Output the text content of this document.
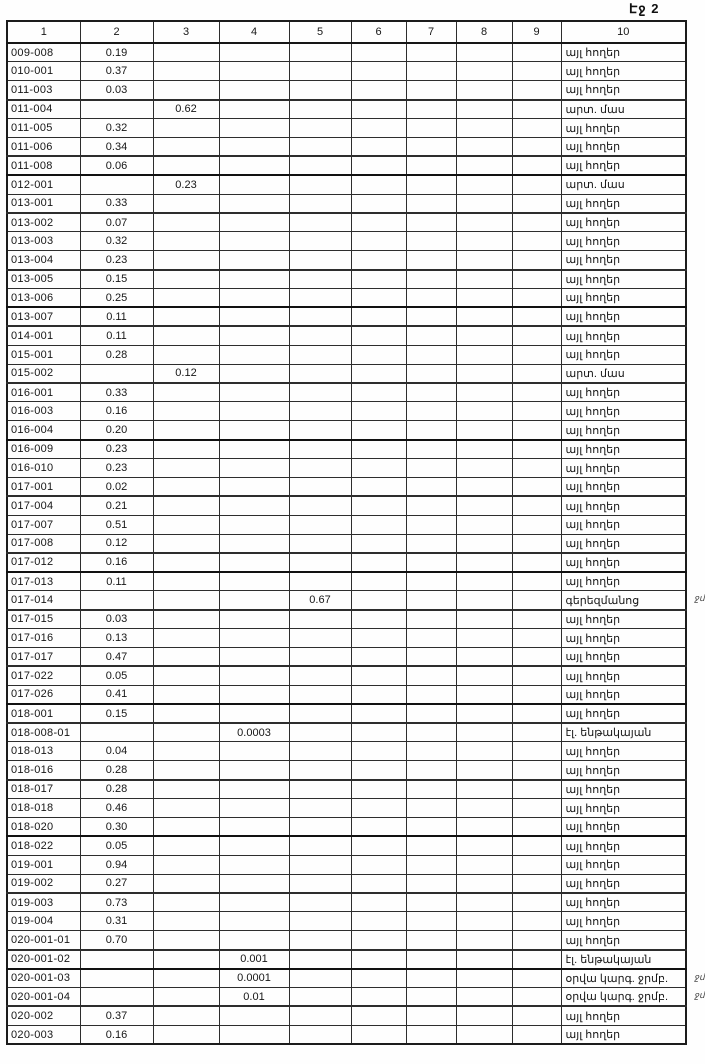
Էջ 2
1	2	3	4	5	6	7	8	9	10
009-008	0.19								այլ հողեր
010-001	0.37								այլ հողեր
011-003	0.03								այլ հողեր
011-004		0.62							արտ. մաս
011-005	0.32								այլ հողեր
011-006	0.34								այլ հողեր
011-008	0.06								այլ հողեր
012-001		0.23							արտ. մաս
013-001	0.33								այլ հողեր
013-002	0.07								այլ հողեր
013-003	0.32								այլ հողեր
013-004	0.23								այլ հողեր
013-005	0.15								այլ հողեր
013-006	0.25								այլ հողեր
013-007	0.11								այլ հողեր
014-001	0.11								այլ հողեր
015-001	0.28								այլ հողեր
015-002		0.12							արտ. մաս
016-001	0.33								այլ հողեր
016-003	0.16								այլ հողեր
016-004	0.20								այլ հողեր
016-009	0.23								այլ հողեր
016-010	0.23								այլ հողեր
017-001	0.02								այլ հողեր
017-004	0.21								այլ հողեր
017-007	0.51								այլ հողեր
017-008	0.12								այլ հողեր
017-012	0.16								այլ հողեր
017-013	0.11								այլ հողեր
017-014				0.67					գերեզմանոց ջմ

017-015	0.03								այլ հողեր
017-016	0.13								այլ հողեր
017-017	0.47								այլ հողեր
017-022	0.05								այլ հողեր
017-026	0.41								այլ հողեր
018-001	0.15								այլ հողեր
018-008-01			0.0003						էլ. ենթակայան
018-013	0.04								այլ հողեր
018-016	0.28								այլ հողեր
018-017	0.28								այլ հողեր
018-018	0.46								այլ հողեր
018-020	0.30								այլ հողեր
018-022	0.05								այլ հողեր
019-001	0.94								այլ հողեր
019-002	0.27								այլ հողեր
019-003	0.73								այլ հողեր
019-004	0.31								այլ հողեր
020-001-01	0.70								այլ հողեր
020-001-02			0.001						էլ. ենթակայան
020-001-03			0.0001						օրվա կարգ. ջրմբ. ջմ

020-001-04			0.01						օրվա կարգ. ջրմբ. ջմ

020-002	0.37								այլ հողեր
020-003	0.16								այլ հողեր
